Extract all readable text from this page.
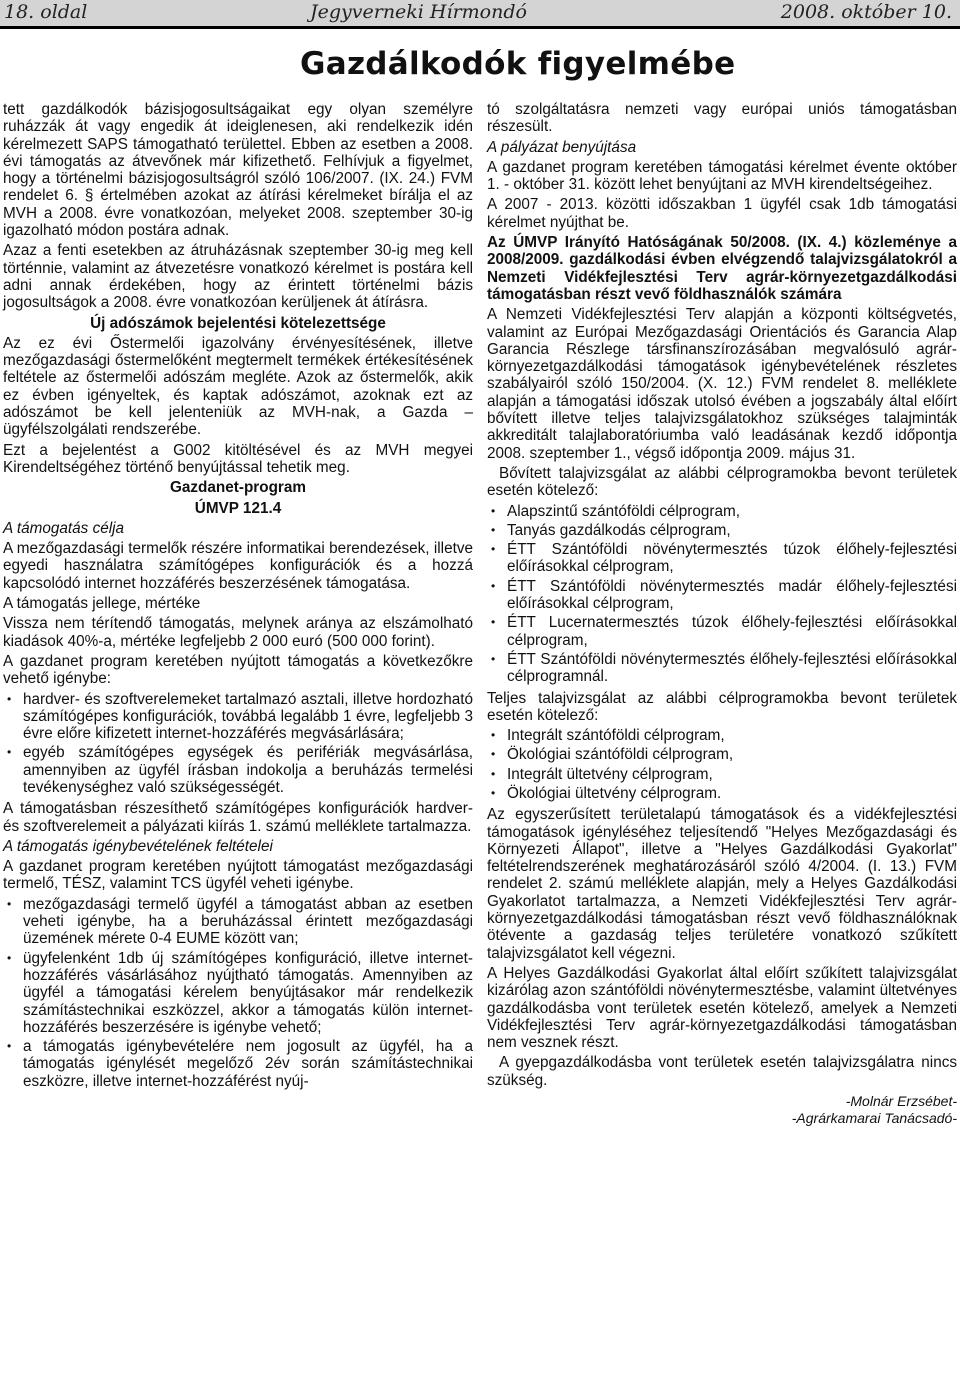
18. oldal	Jegyverneki Hírmondó	2008. október 10.
Gazdálkodók figyelmébe

tett gazdálkodók bázisjogosultságaikat egy olyan személyre ruházzák át vagy engedik át ideiglenesen, aki rendelkezik idén kérelmezett SAPS támogatható területtel. Ebben az esetben a 2008. évi támogatás az átvevőnek már kifizethető. Felhívjuk a figyelmet, hogy a történelmi bázisjogosultságról szóló 106/2007. (IX. 24.) FVM rendelet 6. § értelmében azokat az átírási kérelmeket bírálja el az MVH a 2008. évre vonatkozóan, melyeket 2008. szeptember 30-ig igazolható módon postára adnak.

Azaz a fenti esetekben az átruházásnak szeptember 30-ig meg kell történnie, valamint az átvezetésre vonatkozó kérelmet is postára kell adni annak érdekében, hogy az érintett történelmi bázis jogosultságok a 2008. évre vonatkozóan kerüljenek át átírásra.

Új adószámok bejelentési kötelezettsége

Az ez évi Őstermelői igazolvány érvényesítésének, illetve mezőgazdasági őstermelőként megtermelt termékek értékesítésének feltétele az őstermelői adószám megléte. Azok az őstermelők, akik ez évben igényeltek, és kaptak adószámot, azoknak ezt az adószámot be kell jelenteniük az MVH-nak, a Gazda – ügyfélszolgálati rendszerébe.

Ezt a bejelentést a G002 kitöltésével és az MVH megyei Kirendeltségéhez történő benyújtással tehetik meg.

Gazdanet-program

ÚMVP 121.4

A támogatás célja

A mezőgazdasági termelők részére informatikai berendezések, illetve egyedi használatra számítógépes konfigurációk és a hozzá kapcsolódó internet hozzáférés beszerzésének támogatása.

A támogatás jellege, mértéke

Vissza nem térítendő támogatás, melynek aránya az elszámolható kiadások 40%-a, mértéke legfeljebb 2 000 euró (500 000 forint).

A gazdanet program keretében nyújtott támogatás a következőkre vehető igénybe:

• hardver- és szoftverelemeket tartalmazó asztali, illetve hordozható számítógépes konfigurációk, továbbá legalább 1 évre, legfeljebb 3 évre előre kifizetett internet-hozzáférés megvásárlására;
• egyéb számítógépes egységek és perifériák megvásárlása, amennyiben az ügyfél írásban indokolja a beruházás termelési tevékenységhez való szükségességét.

A támogatásban részesíthető számítógépes konfigurációk hardver- és szoftverelemeit a pályázati kiírás 1. számú melléklete tartalmazza.

A támogatás igénybevételének feltételei

A gazdanet program keretében nyújtott támogatást mezőgazdasági termelő, TÉSZ, valamint TCS ügyfél veheti igénybe.

• mezőgazdasági termelő ügyfél a támogatást abban az esetben veheti igénybe, ha a beruházással érintett mezőgazdasági üzemének mérete 0-4 EUME között van;
• ügyfelenként 1db új számítógépes konfiguráció, illetve internet-hozzáférés vásárlásához nyújtható támogatás. Amennyiben az ügyfél a támogatási kérelem benyújtásakor már rendelkezik számítástechnikai eszközzel, akkor a támogatás külön internet-hozzáférés beszerzésére is igénybe vehető;
• a támogatás igénybevételére nem jogosult az ügyfél, ha a támogatás igénylését megelőző 2év során számítástechnikai eszközre, illetve internet-hozzáférést nyúj-

tó szolgáltatásra nemzeti vagy európai uniós támogatásban részesült.

A pályázat benyújtása

A gazdanet program keretében támogatási kérelmet évente október 1. - október 31. között lehet benyújtani az MVH kirendeltségeihez.

A 2007 - 2013. közötti időszakban 1 ügyfél csak 1db támogatási kérelmet nyújthat be.

Az ÚMVP Irányító Hatóságának 50/2008. (IX. 4.) közleménye a 2008/2009. gazdálkodási évben elvégzendő talajvizsgálatokról a Nemzeti Vidékfejlesztési Terv agrár-környezetgazdálkodási támogatásban részt vevő földhasználók számára

A Nemzeti Vidékfejlesztési Terv alapján a központi költségvetés, valamint az Európai Mezőgazdasági Orientációs és Garancia Alap Garancia Részlege társfinanszírozásában megvalósuló agrár-környezetgazdálkodási támogatások igénybevételének részletes szabályairól szóló 150/2004. (X. 12.) FVM rendelet 8. melléklete alapján a támogatási időszak utolsó évében a jogszabály által előírt bővített illetve teljes talajvizsgálatokhoz szükséges talajminták akkreditált talajlaboratóriumba való leadásának kezdő időpontja 2008. szeptember 1., végső időpontja 2009. május 31.

Bővített talajvizsgálat az alábbi célprogramokba bevont területek esetén kötelező:

• Alapszintű szántóföldi célprogram,
• Tanyás gazdálkodás célprogram,
• ÉTT Szántóföldi növénytermesztés túzok élőhely-fejlesztési előírásokkal célprogram,
• ÉTT Szántóföldi növénytermesztés madár élőhely-fejlesztési előírásokkal célprogram,
• ÉTT Lucernatermesztés túzok élőhely-fejlesztési előírásokkal célprogram,
• ÉTT Szántóföldi növénytermesztés élőhely-fejlesztési előírásokkal célprogramnál.

Teljes talajvizsgálat az alábbi célprogramokba bevont területek esetén kötelező:

• Integrált szántóföldi célprogram,
• Ökológiai szántóföldi célprogram,
• Integrált ültetvény célprogram,
• Ökológiai ültetvény célprogram.

Az egyszerűsített területalapú támogatások és a vidékfejlesztési támogatások igényléséhez teljesítendő "Helyes Mezőgazdasági és Környezeti Állapot", illetve a "Helyes Gazdálkodási Gyakorlat" feltételrendszerének meghatározásáról szóló 4/2004. (I. 13.) FVM rendelet 2. számú melléklete alapján, mely a Helyes Gazdálkodási Gyakorlatot tartalmazza, a Nemzeti Vidékfejlesztési Terv agrár-környezetgazdálkodási támogatásban részt vevő földhasználóknak ötévente a gazdaság teljes területére vonatkozó szűkített talajvizsgálatot kell végezni.

A Helyes Gazdálkodási Gyakorlat által előírt szűkített talajvizsgálat kizárólag azon szántóföldi növénytermesztésbe, valamint ültetvényes gazdálkodásba vont területek esetén kötelező, amelyek a Nemzeti Vidékfejlesztési Terv agrár-környezetgazdálkodási támogatásban nem vesznek részt.

A gyepgazdálkodásba vont területek esetén talajvizsgálatra nincs szükség.

-Molnár Erzsébet-
-Agrárkamarai Tanácsadó-
